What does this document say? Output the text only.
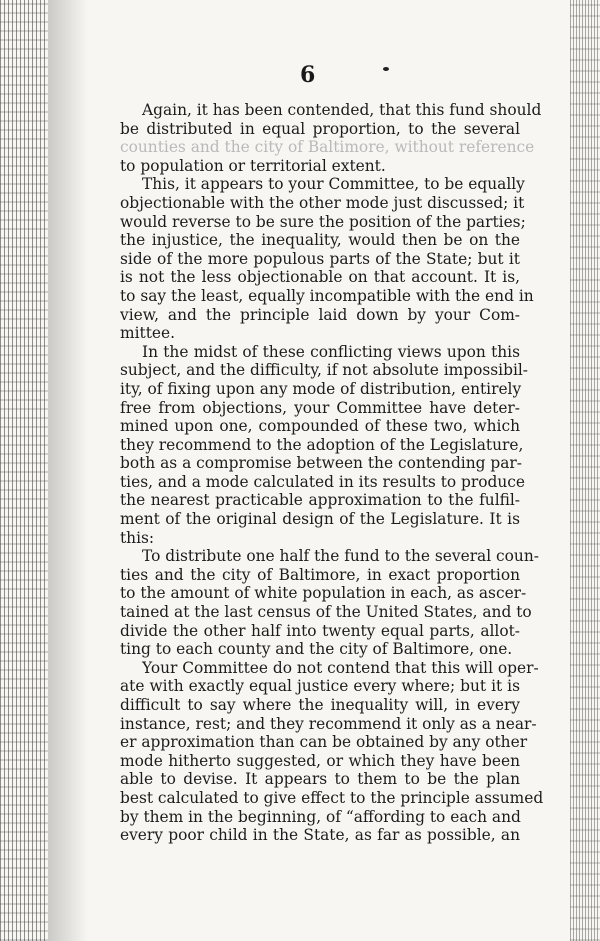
6
Again, it has been contended, that this fund should
be distributed in equal proportion, to the several
counties and the city of Baltimore, without reference
to population or territorial extent.
This, it appears to your Committee, to be equally
objectionable with the other mode just discussed; it
would reverse to be sure the position of the parties;
the injustice, the inequality, would then be on the
side of the more populous parts of the State; but it
is not the less objectionable on that account. It is,
to say the least, equally incompatible with the end in
view, and the principle laid down by your Com-
mittee.
In the midst of these conflicting views upon this
subject, and the difficulty, if not absolute impossibil-
ity, of fixing upon any mode of distribution, entirely
free from objections, your Committee have deter-
mined upon one, compounded of these two, which
they recommend to the adoption of the Legislature,
both as a compromise between the contending par-
ties, and a mode calculated in its results to produce
the nearest practicable approximation to the fulfil-
ment of the original design of the Legislature. It is
this:
To distribute one half the fund to the several coun-
ties and the city of Baltimore, in exact proportion
to the amount of white population in each, as ascer-
tained at the last census of the United States, and to
divide the other half into twenty equal parts, allot-
ting to each county and the city of Baltimore, one.
Your Committee do not contend that this will oper-
ate with exactly equal justice every where; but it is
difficult to say where the inequality will, in every
instance, rest; and they recommend it only as a near-
er approximation than can be obtained by any other
mode hitherto suggested, or which they have been
able to devise. It appears to them to be the plan
best calculated to give effect to the principle assumed
by them in the beginning, of “affording to each and
every poor child in the State, as far as possible, an
